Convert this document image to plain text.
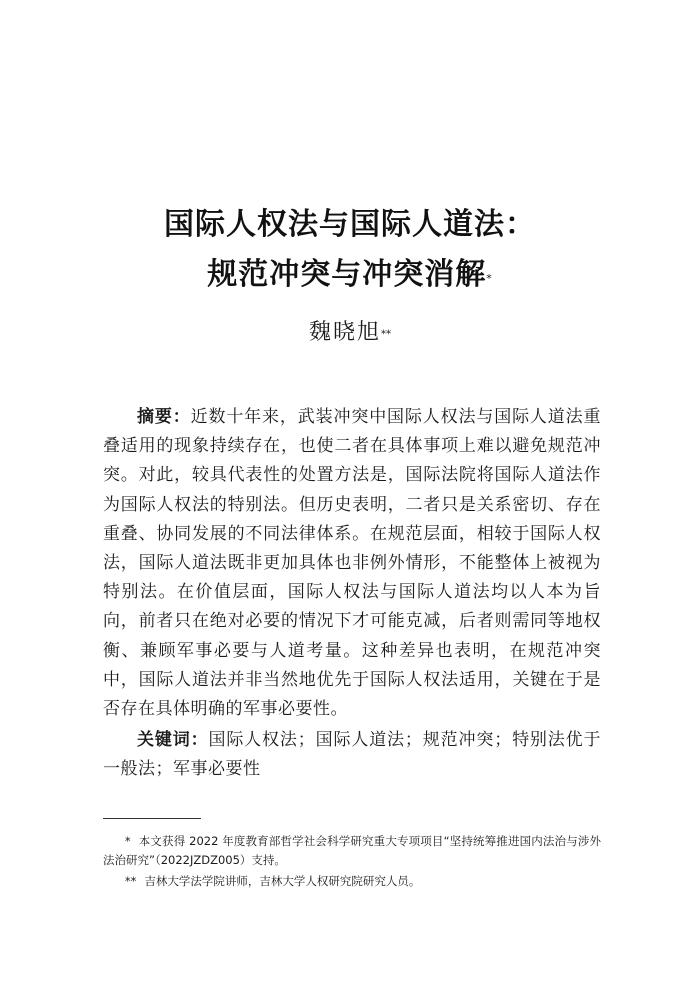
国际人权法与国际人道法：
规范冲突与冲突消解*
魏晓旭**

摘要：近数十年来，武装冲突中国际人权法与国际人道法重叠适用的现象持续存在，也使二者在具体事项上难以避免规范冲突。对此，较具代表性的处置方法是，国际法院将国际人道法作为国际人权法的特别法。但历史表明，二者只是关系密切、存在重叠、协同发展的不同法律体系。在规范层面，相较于国际人权法，国际人道法既非更加具体也非例外情形，不能整体上被视为特别法。在价值层面，国际人权法与国际人道法均以人本为旨向，前者只在绝对必要的情况下才可能克减，后者则需同等地权衡、兼顾军事必要与人道考量。这种差异也表明，在规范冲突中，国际人道法并非当然地优先于国际人权法适用，关键在于是否存在具体明确的军事必要性。

关键词：国际人权法；国际人道法；规范冲突；特别法优于一般法；军事必要性

* 本文获得 2022 年度教育部哲学社会科学研究重大专项项目“坚持统筹推进国内法治与涉外法治研究”（2022JZDZ005）支持。

** 吉林大学法学院讲师，吉林大学人权研究院研究人员。
